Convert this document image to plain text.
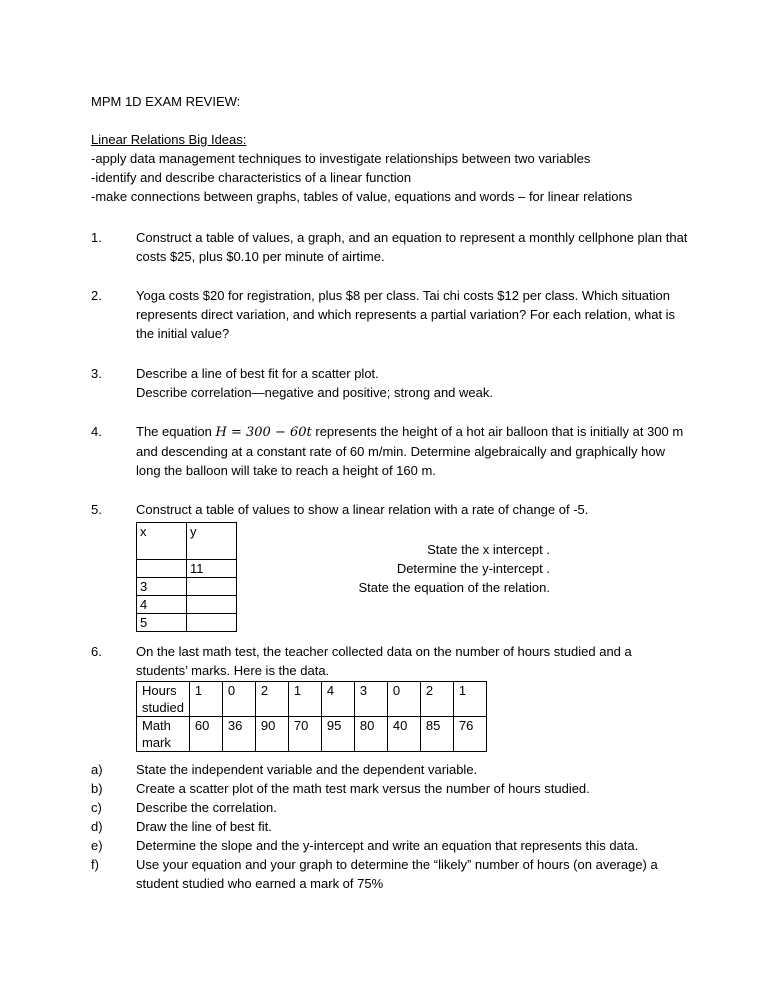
MPM 1D EXAM REVIEW:
Linear Relations Big Ideas:
-apply data management techniques to investigate relationships between two variables
-identify and describe characteristics of a linear function
-make connections between graphs, tables of value, equations and words – for linear relations
1.	Construct a table of values, a graph, and an equation to represent a monthly cellphone plan that
costs $25, plus $0.10 per minute of airtime.
2.	Yoga costs $20 for registration, plus $8 per class. Tai chi costs $12 per class. Which situation
represents direct variation, and which represents a partial variation? For each relation, what is
the initial value?
3.	Describe a line of best fit for a scatter plot.
Describe correlation—negative and positive; strong and weak.
4.	The equation H = 300 − 60t represents the height of a hot air balloon that is initially at 300 m
and descending at a constant rate of 60 m/min. Determine algebraically and graphically how
long the balloon will take to reach a height of 160 m.
5.	Construct a table of values to show a linear relation with a rate of change of -5.
x	y
	11
3	
4	
5	
State the x intercept .
Determine the y-intercept .
State the equation of the relation.
6.	On the last math test, the teacher collected data on the number of hours studied and a
students’ marks. Here is the data.
Hours studied	1	0	2	1	4	3	0	2	1
Math mark	60	36	90	70	95	80	40	85	76
a)	State the independent variable and the dependent variable.
b)	Create a scatter plot of the math test mark versus the number of hours studied.
c)	Describe the correlation.
d)	Draw the line of best fit.
e)	Determine the slope and the y-intercept and write an equation that represents this data.
f)	Use your equation and your graph to determine the “likely” number of hours (on average) a
student studied who earned a mark of 75%
